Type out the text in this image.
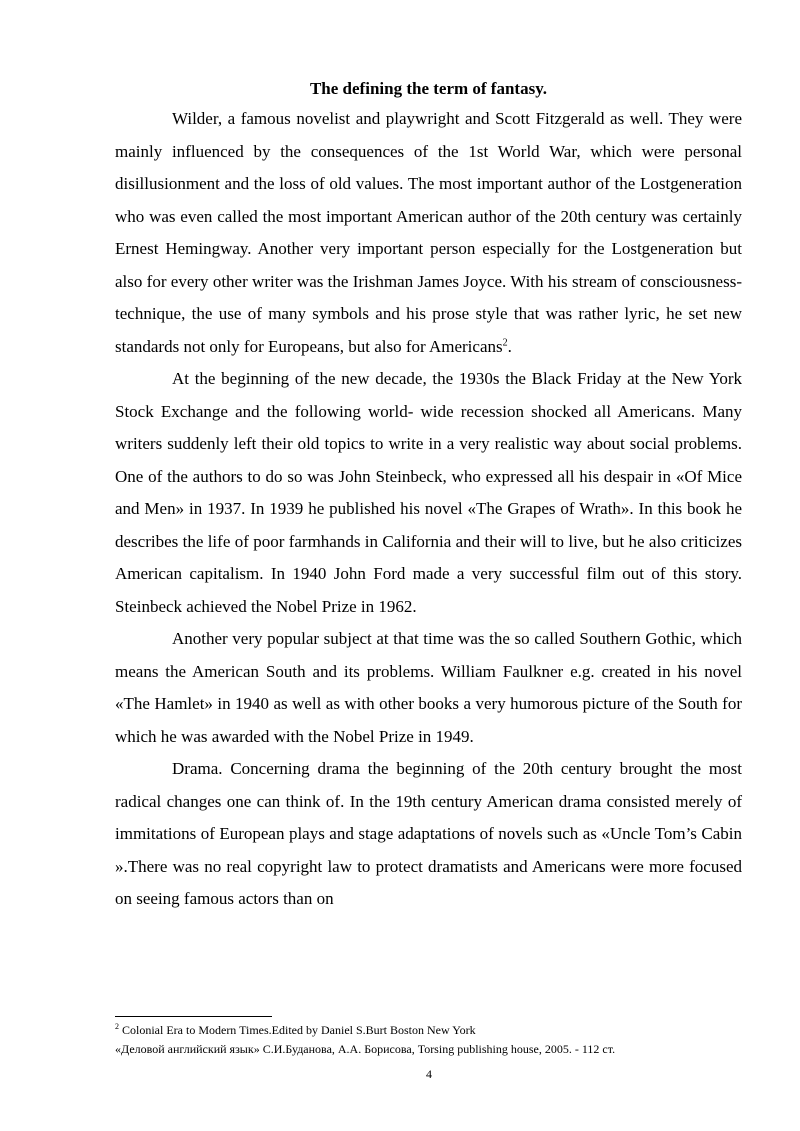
The defining the term of fantasy.

Wilder, a famous novelist and playwright and Scott Fitzgerald as well. They were mainly influenced by the consequences of the 1st World War, which were personal disillusionment and the loss of old values. The most important author of the Lostgeneration who was even called the most important American author of the 20th century was certainly Ernest Hemingway. Another very important person especially for the Lostgeneration but also for every other writer was the Irishman James Joyce. With his stream of consciousness- technique, the use of many symbols and his prose style that was rather lyric, he set new standards not only for Europeans, but also for Americans$^2$.

At the beginning of the new decade, the 1930s the Black Friday at the New York Stock Exchange and the following world- wide recession shocked all Americans. Many writers suddenly left their old topics to write in a very realistic way about social problems. One of the authors to do so was John Steinbeck, who expressed all his despair in «Of Mice and Men» in 1937. In 1939 he published his novel «The Grapes of Wrath». In this book he describes the life of poor farmhands in California and their will to live, but he also criticizes American capitalism. In 1940 John Ford made a very successful film out of this story. Steinbeck achieved the Nobel Prize in 1962.

Another very popular subject at that time was the so called Southern Gothic, which means the American South and its problems. William Faulkner e.g. created in his novel «The Hamlet» in 1940 as well as with other books a very humorous picture of the South for which he was awarded with the Nobel Prize in 1949.

Drama. Concerning drama the beginning of the 20th century brought the most radical changes one can think of. In the 19th century American drama consisted merely of immitations of European plays and stage adaptations of novels such as «Uncle Tom’s Cabin ».There was no real copyright law to protect dramatists and Americans were more focused on seeing famous actors than on

$^2$ Colonial Era to Modern Times.Edited by Daniel S.Burt Boston New York

«Деловой английский язык» С.И.Буданова, А.А. Борисова, Torsing publishing house, 2005. - 112 ст.

4
